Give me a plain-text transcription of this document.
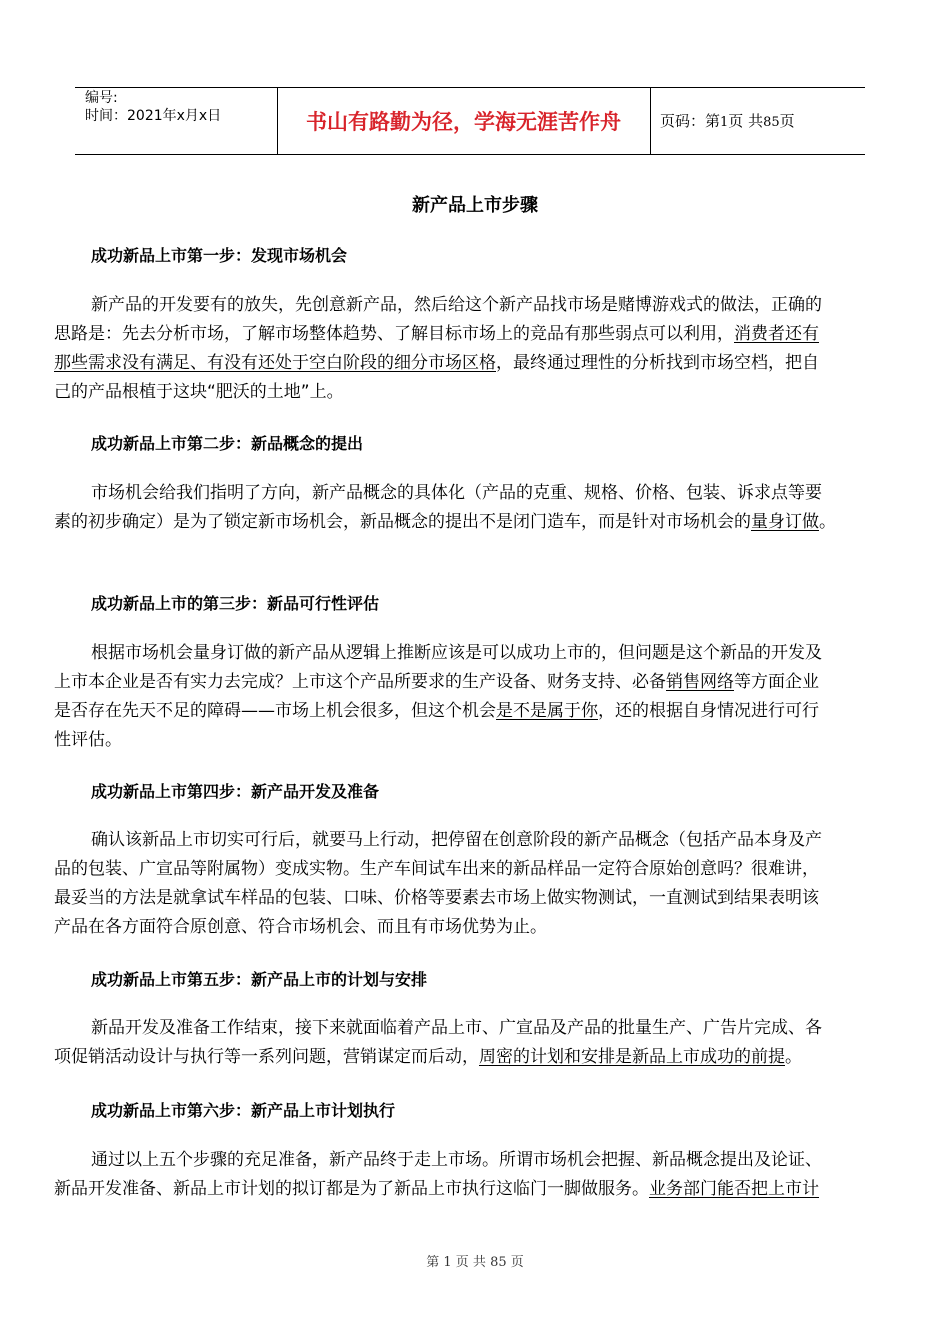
编号:
时间：2021年x月x日	书山有路勤为径，学海无涯苦作舟	页码：第1页 共85页
新产品上市步骤
成功新品上市第一步：发现市场机会
新产品的开发要有的放失，先创意新产品，然后给这个新产品找市场是赌博游戏式的做法，正确的
思路是：先去分析市场，了解市场整体趋势、了解目标市场上的竞品有那些弱点可以利用，消费者还有
那些需求没有满足、有没有还处于空白阶段的细分市场区格，最终通过理性的分析找到市场空档，把自
己的产品根植于这块“肥沃的土地”上。
成功新品上市第二步：新品概念的提出
市场机会给我们指明了方向，新产品概念的具体化（产品的克重、规格、价格、包装、诉求点等要
素的初步确定）是为了锁定新市场机会，新品概念的提出不是闭门造车，而是针对市场机会的量身订做。
成功新品上市的第三步：新品可行性评估
根据市场机会量身订做的新产品从逻辑上推断应该是可以成功上市的，但问题是这个新品的开发及
上市本企业是否有实力去完成？上市这个产品所要求的生产设备、财务支持、必备销售网络等方面企业
是否存在先天不足的障碍——市场上机会很多，但这个机会是不是属于你，还的根据自身情况进行可行
性评估。
成功新品上市第四步：新产品开发及准备
确认该新品上市切实可行后，就要马上行动，把停留在创意阶段的新产品概念（包括产品本身及产
品的包装、广宣品等附属物）变成实物。生产车间试车出来的新品样品一定符合原始创意吗？很难讲，
最妥当的方法是就拿试车样品的包装、口味、价格等要素去市场上做实物测试，一直测试到结果表明该
产品在各方面符合原创意、符合市场机会、而且有市场优势为止。
成功新品上市第五步：新产品上市的计划与安排
新品开发及准备工作结束，接下来就面临着产品上市、广宣品及产品的批量生产、广告片完成、各
项促销活动设计与执行等一系列问题，营销谋定而后动，周密的计划和安排是新品上市成功的前提。
成功新品上市第六步：新产品上市计划执行
通过以上五个步骤的充足准备，新产品终于走上市场。所谓市场机会把握、新品概念提出及论证、
新品开发准备、新品上市计划的拟订都是为了新品上市执行这临门一脚做服务。业务部门能否把上市计
第 1 页 共 85 页
